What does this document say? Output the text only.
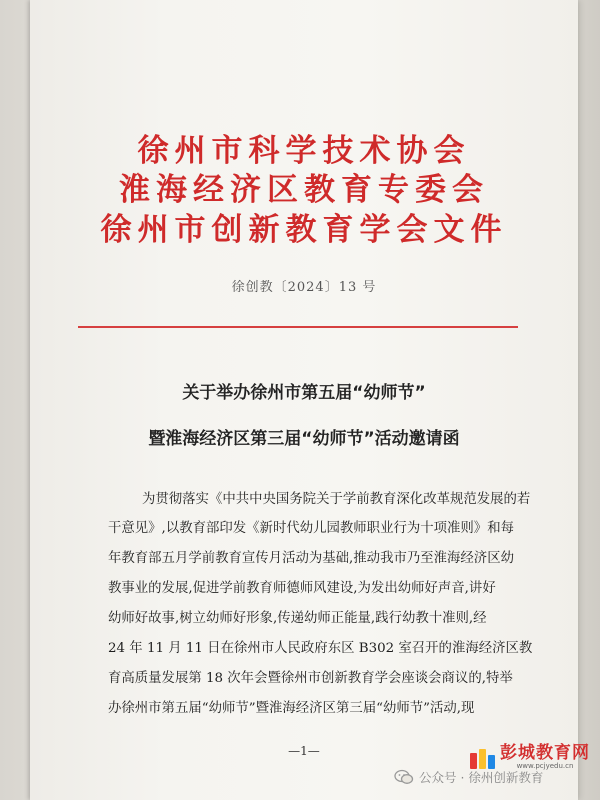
徐州市科学技术协会
淮海经济区教育专委会
徐州市创新教育学会文件
徐创教〔2024〕13 号
关于举办徐州市第五届“幼师节”
暨淮海经济区第三届“幼师节”活动邀请函
为贯彻落实《中共中央国务院关于学前教育深化改革规范发展的若
干意见》,以教育部印发《新时代幼儿园教师职业行为十项准则》和每
年教育部五月学前教育宣传月活动为基础,推动我市乃至淮海经济区幼
教事业的发展,促进学前教育师德师风建设,为发出幼师好声音,讲好
幼师好故事,树立幼师好形象,传递幼师正能量,践行幼教十准则,经
24 年 11 月 11 日在徐州市人民政府东区 B302 室召开的淮海经济区教
育高质量发展第 18 次年会暨徐州市创新教育学会座谈会商议的,特举
办徐州市第五届“幼师节”暨淮海经济区第三届“幼师节”活动,现
—1—	彭城教育网
www.pcjyedu.cn
公众号 · 徐州创新教育
